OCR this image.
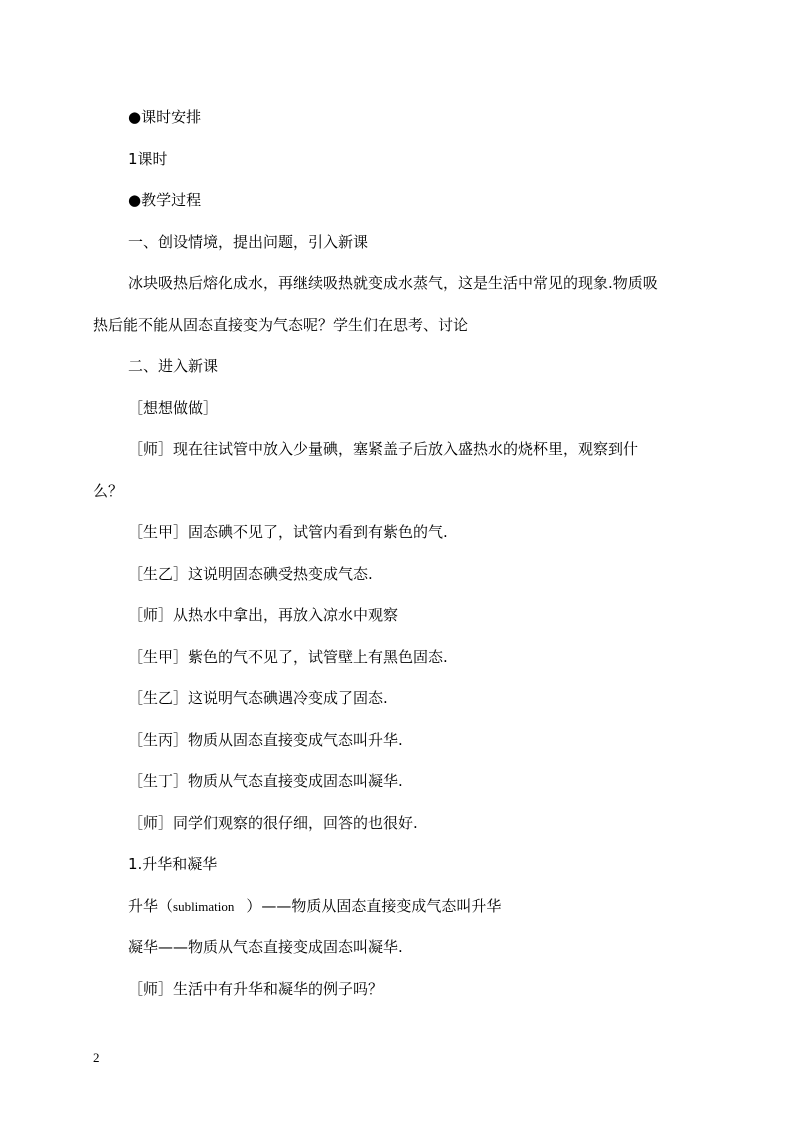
●课时安排

1课时

●教学过程

一、创设情境，提出问题，引入新课

冰块吸热后熔化成水，再继续吸热就变成水蒸气，这是生活中常见的现象.物质吸

热后能不能从固态直接变为气态呢？学生们在思考、讨论

二、进入新课

［想想做做］

［师］现在往试管中放入少量碘，塞紧盖子后放入盛热水的烧杯里，观察到什

么？

［生甲］固态碘不见了，试管内看到有紫色的气.

［生乙］这说明固态碘受热变成气态.

［师］从热水中拿出，再放入凉水中观察

［生甲］紫色的气不见了，试管壁上有黑色固态.

［生乙］这说明气态碘遇冷变成了固态.

［生丙］物质从固态直接变成气态叫升华.

［生丁］物质从气态直接变成固态叫凝华.

［师］同学们观察的很仔细，回答的也很好.

1.升华和凝华

升华（sublimation ）——物质从固态直接变成气态叫升华

凝华——物质从气态直接变成固态叫凝华.

［师］生活中有升华和凝华的例子吗？

2
